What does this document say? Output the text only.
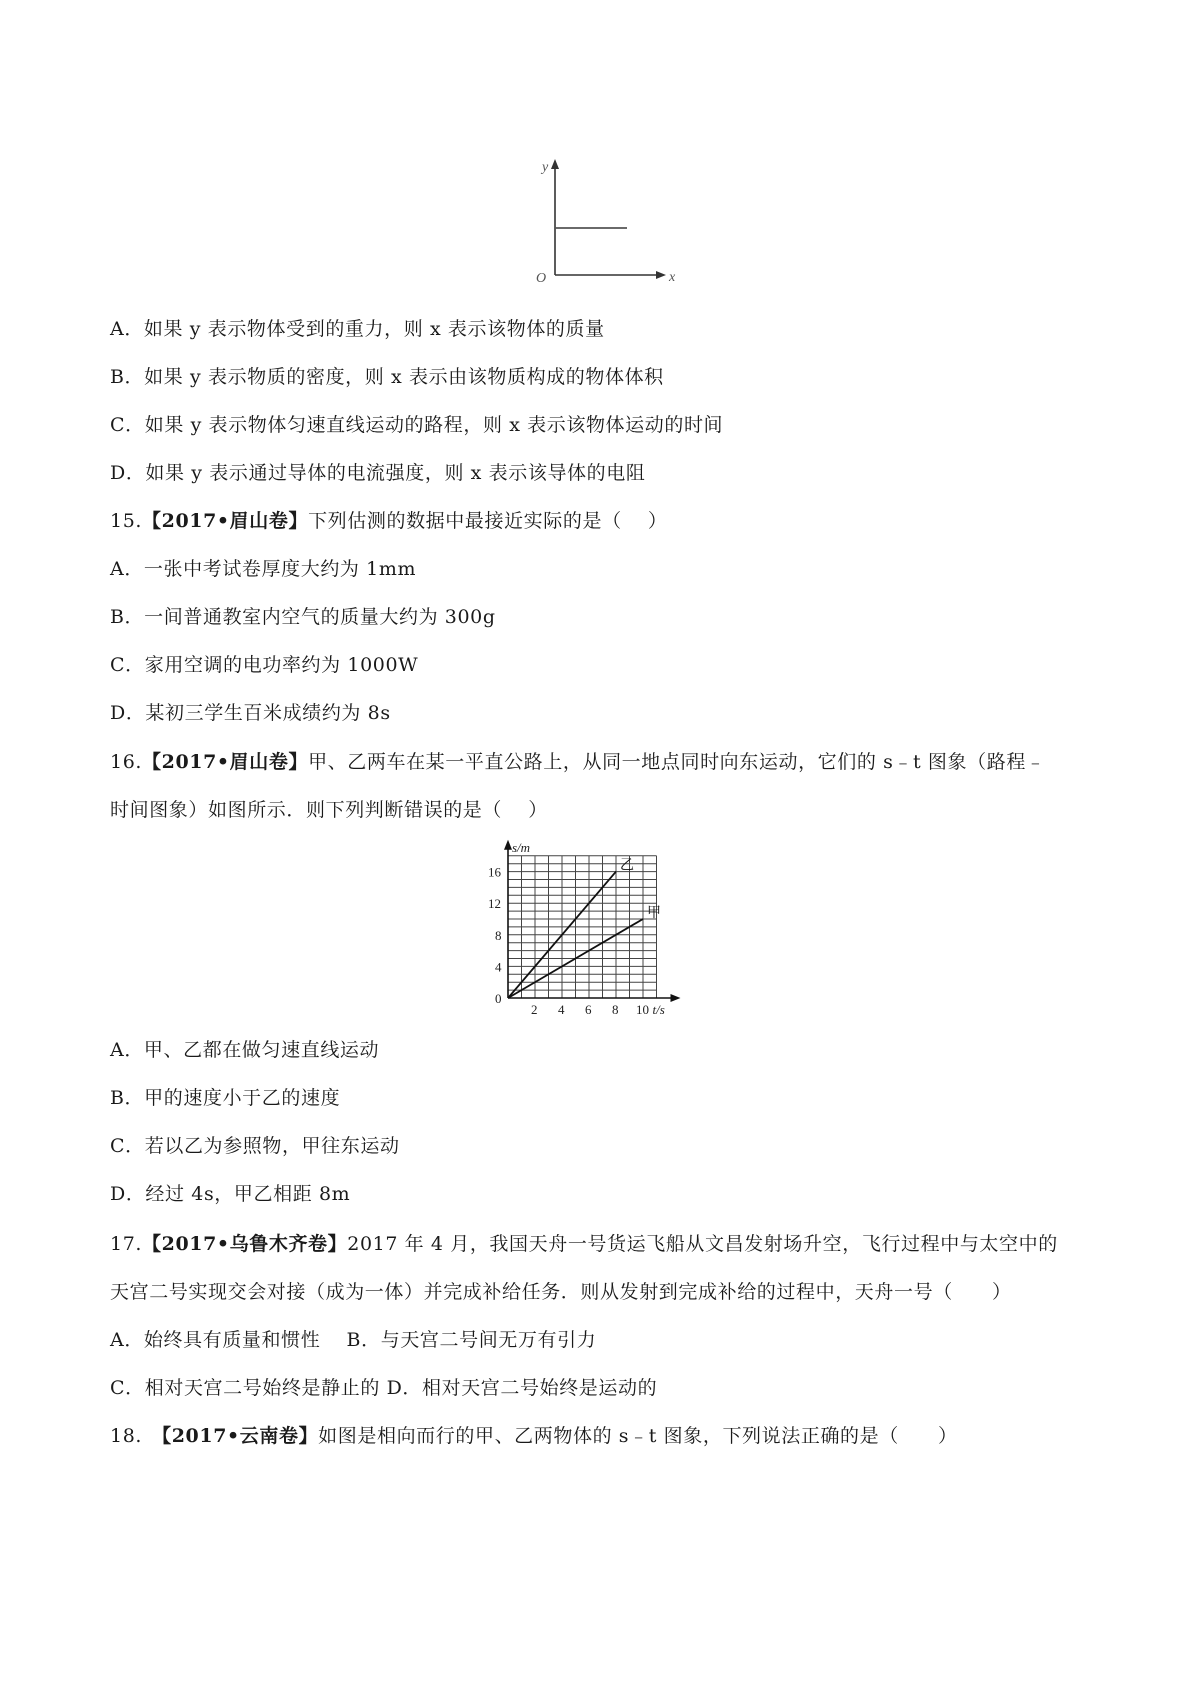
y
x
O
A．如果 y 表示物体受到的重力，则 x 表示该物体的质量
B．如果 y 表示物质的密度，则 x 表示由该物质构成的物体体积
C．如果 y 表示物体匀速直线运动的路程，则 x 表示该物体运动的时间
D．如果 y 表示通过导体的电流强度，则 x 表示该导体的电阻
15.【2017•眉山卷】下列估测的数据中最接近实际的是（　 ）
A．一张中考试卷厚度大约为 1mm
B．一间普通教室内空气的质量大约为 300g
C．家用空调的电功率约为 1000W
D．某初三学生百米成绩约为 8s
16.【2017•眉山卷】甲、乙两车在某一平直公路上，从同一地点同时向东运动，它们的 s﹣t 图象（路程﹣
时间图象）如图所示．则下列判断错误的是（　 ）
2 4 6 8 10
0
4
8
12
16	乙
甲
s/m
t/s
A．甲、乙都在做匀速直线运动
B．甲的速度小于乙的速度
C．若以乙为参照物，甲往东运动
D．经过 4s，甲乙相距 8m
17.【2017•乌鲁木齐卷】2017 年 4 月，我国天舟一号货运飞船从文昌发射场升空，飞行过程中与太空中的
天宫二号实现交会对接（成为一体）并完成补给任务．则从发射到完成补给的过程中，天舟一号（　　）
A．始终具有质量和惯性　 B．与天宫二号间无万有引力
C．相对天宫二号始终是静止的 D．相对天宫二号始终是运动的
18.　 【2017•云南卷】如图是相向而行的甲、乙两物体的 s﹣t 图象，下列说法正确的是（　　）
